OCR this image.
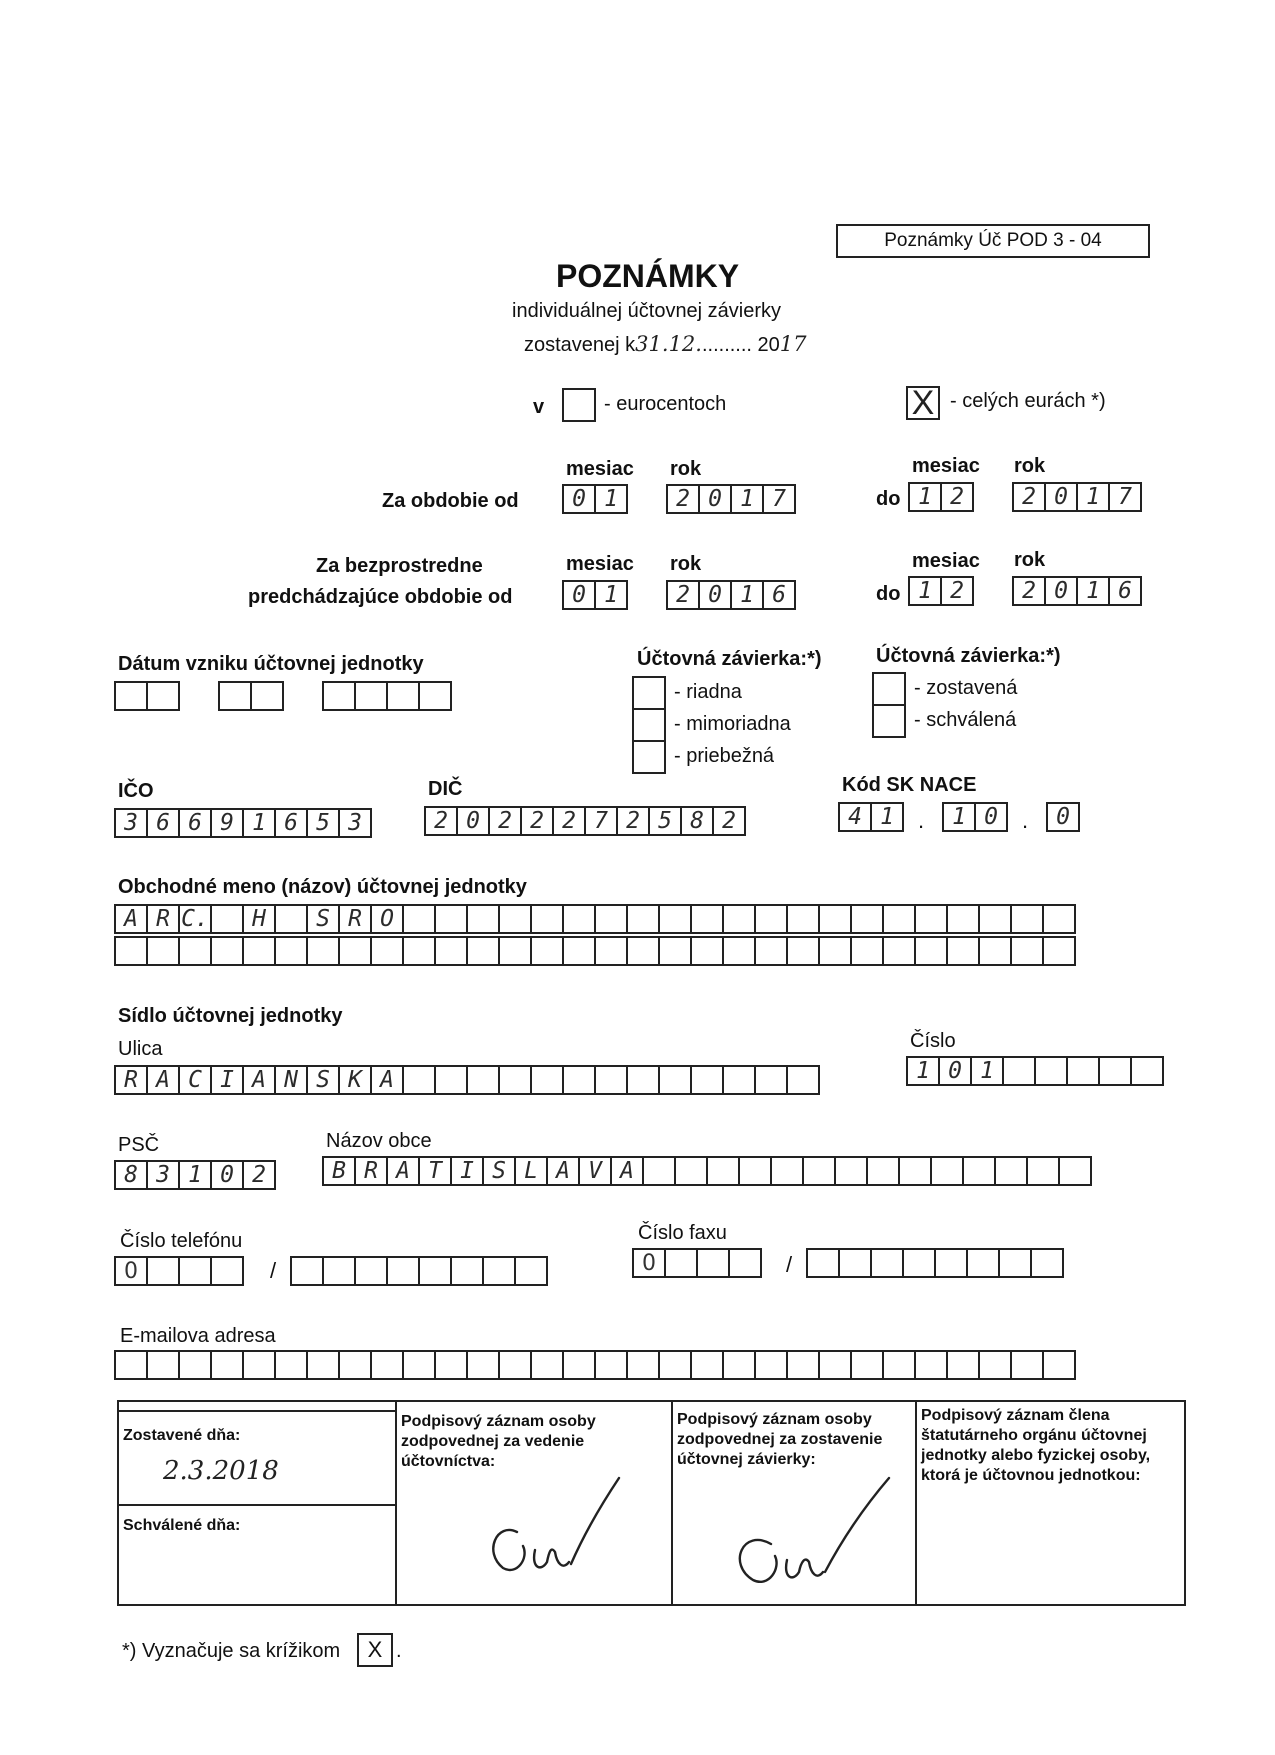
Poznámky Úč POD 3 - 04
POZNÁMKY
individuálnej účtovnej závierky
zostavenej k31.12.......... 2017
v	- eurocentoch	X - celých eurách *)
mesiac rok	mesiac rok
Za obdobie od	0 1	2 0 1 7	do 1 2	2 0 1 7
Za bezprostredne
predchádzajúce obdobie od
mesiac rok	mesiac rok
0 1	2 0 1 6	do 1 2	2 0 1 6
Dátum vzniku účtovnej jednotky	Účtovná závierka:*)
- riadna
- mimoriadna
- priebežná
Účtovná závierka:*)
- zostavená
- schválená
IČO
3 6 6 9 1 6 5 3
DIČ
2 0 2 2 2 7 2 5 8 2
Kód SK NACE
4 1	.	1 0	.	0
Obchodné meno (názov) účtovnej jednotky
A R C.	H	S R O
Sídlo účtovnej jednotky
Ulica
R A C I A N S K A
Číslo
1 0 1
PSČ
8 3 1 0 2
Názov obce
B R A T I S L A V A
Číslo telefónu
0	/
Číslo faxu
0	/
E-mailova adresa
Zostavené dňa:
2.3.2018
Schválené dňa:
Podpisový záznam osoby
zodpovednej za vedenie
účtovníctva:
Podpisový záznam osoby
zodpovednej za zostavenie
účtovnej závierky:
Podpisový záznam člena
štatutárneho orgánu účtovnej
jednotky alebo fyzickej osoby,
ktorá je účtovnou jednotkou:
*) Vyznačuje sa krížikom X .
